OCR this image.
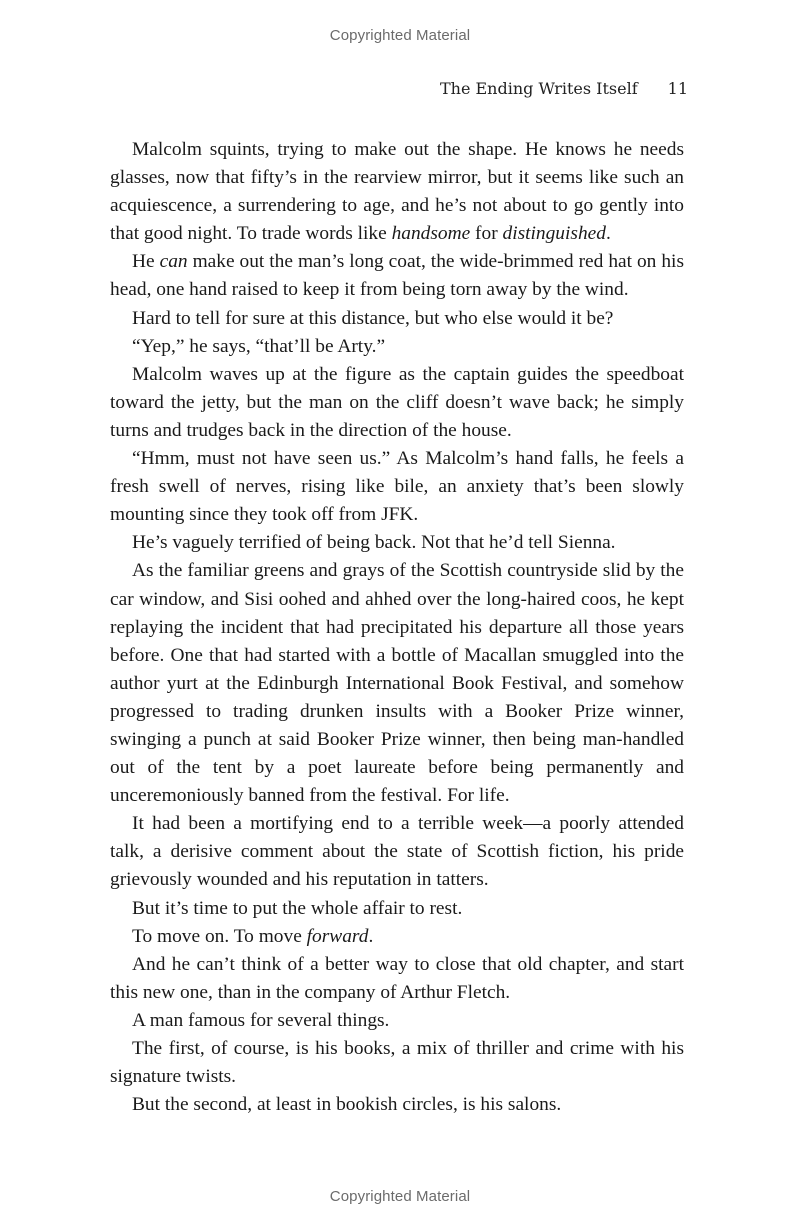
Copyrighted Material
The Ending Writes Itself 11

Malcolm squints, trying to make out the shape. He knows he needs glasses, now that fifty’s in the rearview mirror, but it seems like such an acquiescence, a surrendering to age, and he’s not about to go gently into that good night. To trade words like handsome for distinguished.

He can make out the man’s long coat, the wide-brimmed red hat on his head, one hand raised to keep it from being torn away by the wind.

Hard to tell for sure at this distance, but who else would it be?

“Yep,” he says, “that’ll be Arty.”

Malcolm waves up at the figure as the captain guides the speedboat toward the jetty, but the man on the cliff doesn’t wave back; he simply turns and trudges back in the direction of the house.

“Hmm, must not have seen us.” As Malcolm’s hand falls, he feels a fresh swell of nerves, rising like bile, an anxiety that’s been slowly mounting since they took off from JFK.

He’s vaguely terrified of being back. Not that he’d tell Sienna.

As the familiar greens and grays of the Scottish countryside slid by the car window, and Sisi oohed and ahhed over the long-haired coos, he kept replaying the incident that had precipitated his departure all those years before. One that had started with a bottle of Macallan smuggled into the author yurt at the Edinburgh International Book Festival, and somehow progressed to trading drunken insults with a Booker Prize winner, swinging a punch at said Booker Prize winner, then being man-handled out of the tent by a poet laureate before being permanently and unceremoniously banned from the festival. For life.

It had been a mortifying end to a terrible week—a poorly attended talk, a derisive comment about the state of Scottish fiction, his pride grievously wounded and his reputation in tatters.

But it’s time to put the whole affair to rest.

To move on. To move forward.

And he can’t think of a better way to close that old chapter, and start this new one, than in the company of Arthur Fletch.

A man famous for several things.

The first, of course, is his books, a mix of thriller and crime with his signature twists.

But the second, at least in bookish circles, is his salons.

Copyrighted Material
